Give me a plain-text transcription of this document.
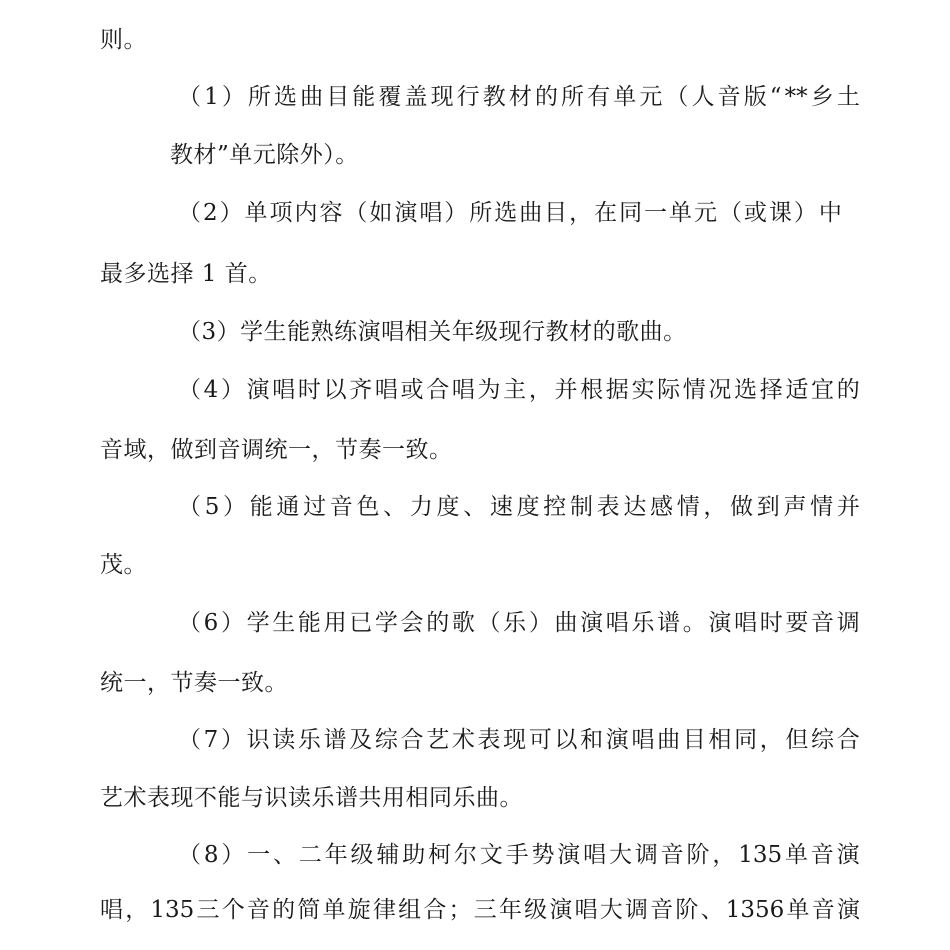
则。
（ 1 ） 所 选 曲 目 能 覆 盖 现 行 教 材 的 所 有 单 元 （ 人 音 版 “ ** 乡 土
教材”单元除外）。
（ 2 ） 单 项 内 容 （ 如 演 唱 ） 所 选 曲 目 ， 在 同 一 单 元 （ 或 课 ） 中
最多选择 1 首。
（3）学生能熟练演唱相关年级现行教材的歌曲。
（ 4 ） 演 唱 时 以 齐 唱 或 合 唱 为 主 ， 并 根 据 实 际 情 况 选 择 适 宜 的
音域，做到音调统一，节奏一致。
（ 5 ） 能 通 过 音 色 、 力 度 、 速 度 控 制 表 达 感 情 ， 做 到 声 情 并
茂。
（ 6 ） 学 生 能 用 已 学 会 的 歌 （ 乐 ） 曲 演 唱 乐 谱 。 演 唱 时 要 音 调
统一，节奏一致。
（ 7 ） 识 读 乐 谱 及 综 合 艺 术 表 现 可 以 和 演 唱 曲 目 相 同 ， 但 综 合
艺术表现不能与识读乐谱共用相同乐曲。
（ 8 ） 一 、 二 年 级 辅 助 柯 尔 文 手 势 演 唱 大 调 音 阶 ， 135 单 音 演
唱 ， 135 三 个 音 的 简 单 旋 律 组 合 ； 三 年 级 演 唱 大 调 音 阶 、 1356 单 音 演
